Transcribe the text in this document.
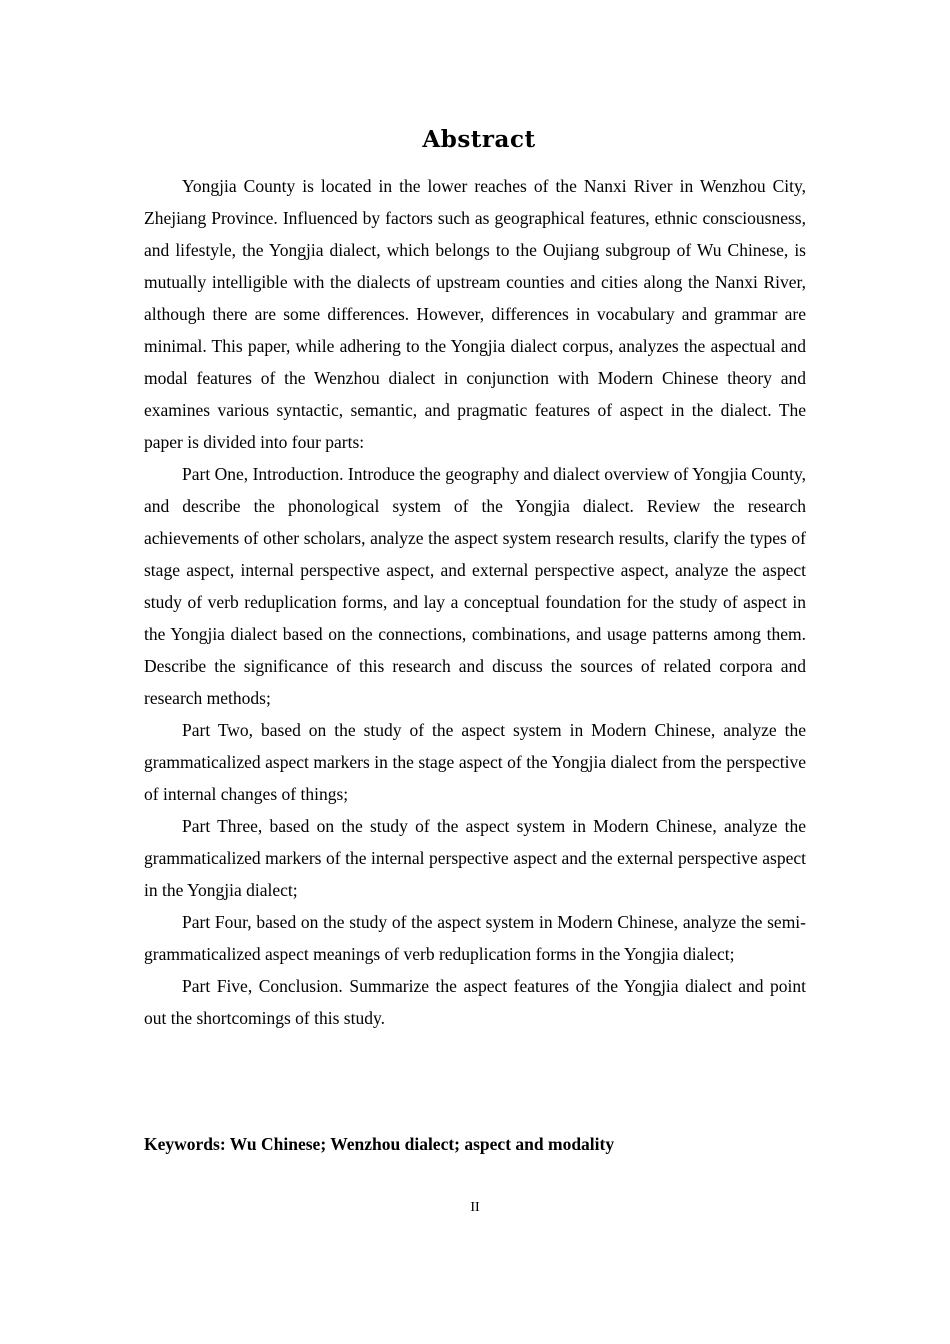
Abstract

Yongjia County is located in the lower reaches of the Nanxi River in Wenzhou City, Zhejiang Province. Influenced by factors such as geographical features, ethnic consciousness, and lifestyle, the Yongjia dialect, which belongs to the Oujiang subgroup of Wu Chinese, is mutually intelligible with the dialects of upstream counties and cities along the Nanxi River, although there are some differences. However, differences in vocabulary and grammar are minimal. This paper, while adhering to the Yongjia dialect corpus, analyzes the aspectual and modal features of the Wenzhou dialect in conjunction with Modern Chinese theory and examines various syntactic, semantic, and pragmatic features of aspect in the dialect. The paper is divided into four parts:

Part One, Introduction. Introduce the geography and dialect overview of Yongjia County, and describe the phonological system of the Yongjia dialect. Review the research achievements of other scholars, analyze the aspect system research results, clarify the types of stage aspect, internal perspective aspect, and external perspective aspect, analyze the aspect study of verb reduplication forms, and lay a conceptual foundation for the study of aspect in the Yongjia dialect based on the connections, combinations, and usage patterns among them. Describe the significance of this research and discuss the sources of related corpora and research methods;

Part Two, based on the study of the aspect system in Modern Chinese, analyze the grammaticalized aspect markers in the stage aspect of the Yongjia dialect from the perspective of internal changes of things;

Part Three, based on the study of the aspect system in Modern Chinese, analyze the grammaticalized markers of the internal perspective aspect and the external perspective aspect in the Yongjia dialect;

Part Four, based on the study of the aspect system in Modern Chinese, analyze the semi-grammaticalized aspect meanings of verb reduplication forms in the Yongjia dialect;

Part Five, Conclusion. Summarize the aspect features of the Yongjia dialect and point out the shortcomings of this study.

Keywords: Wu Chinese; Wenzhou dialect; aspect and modality
II
